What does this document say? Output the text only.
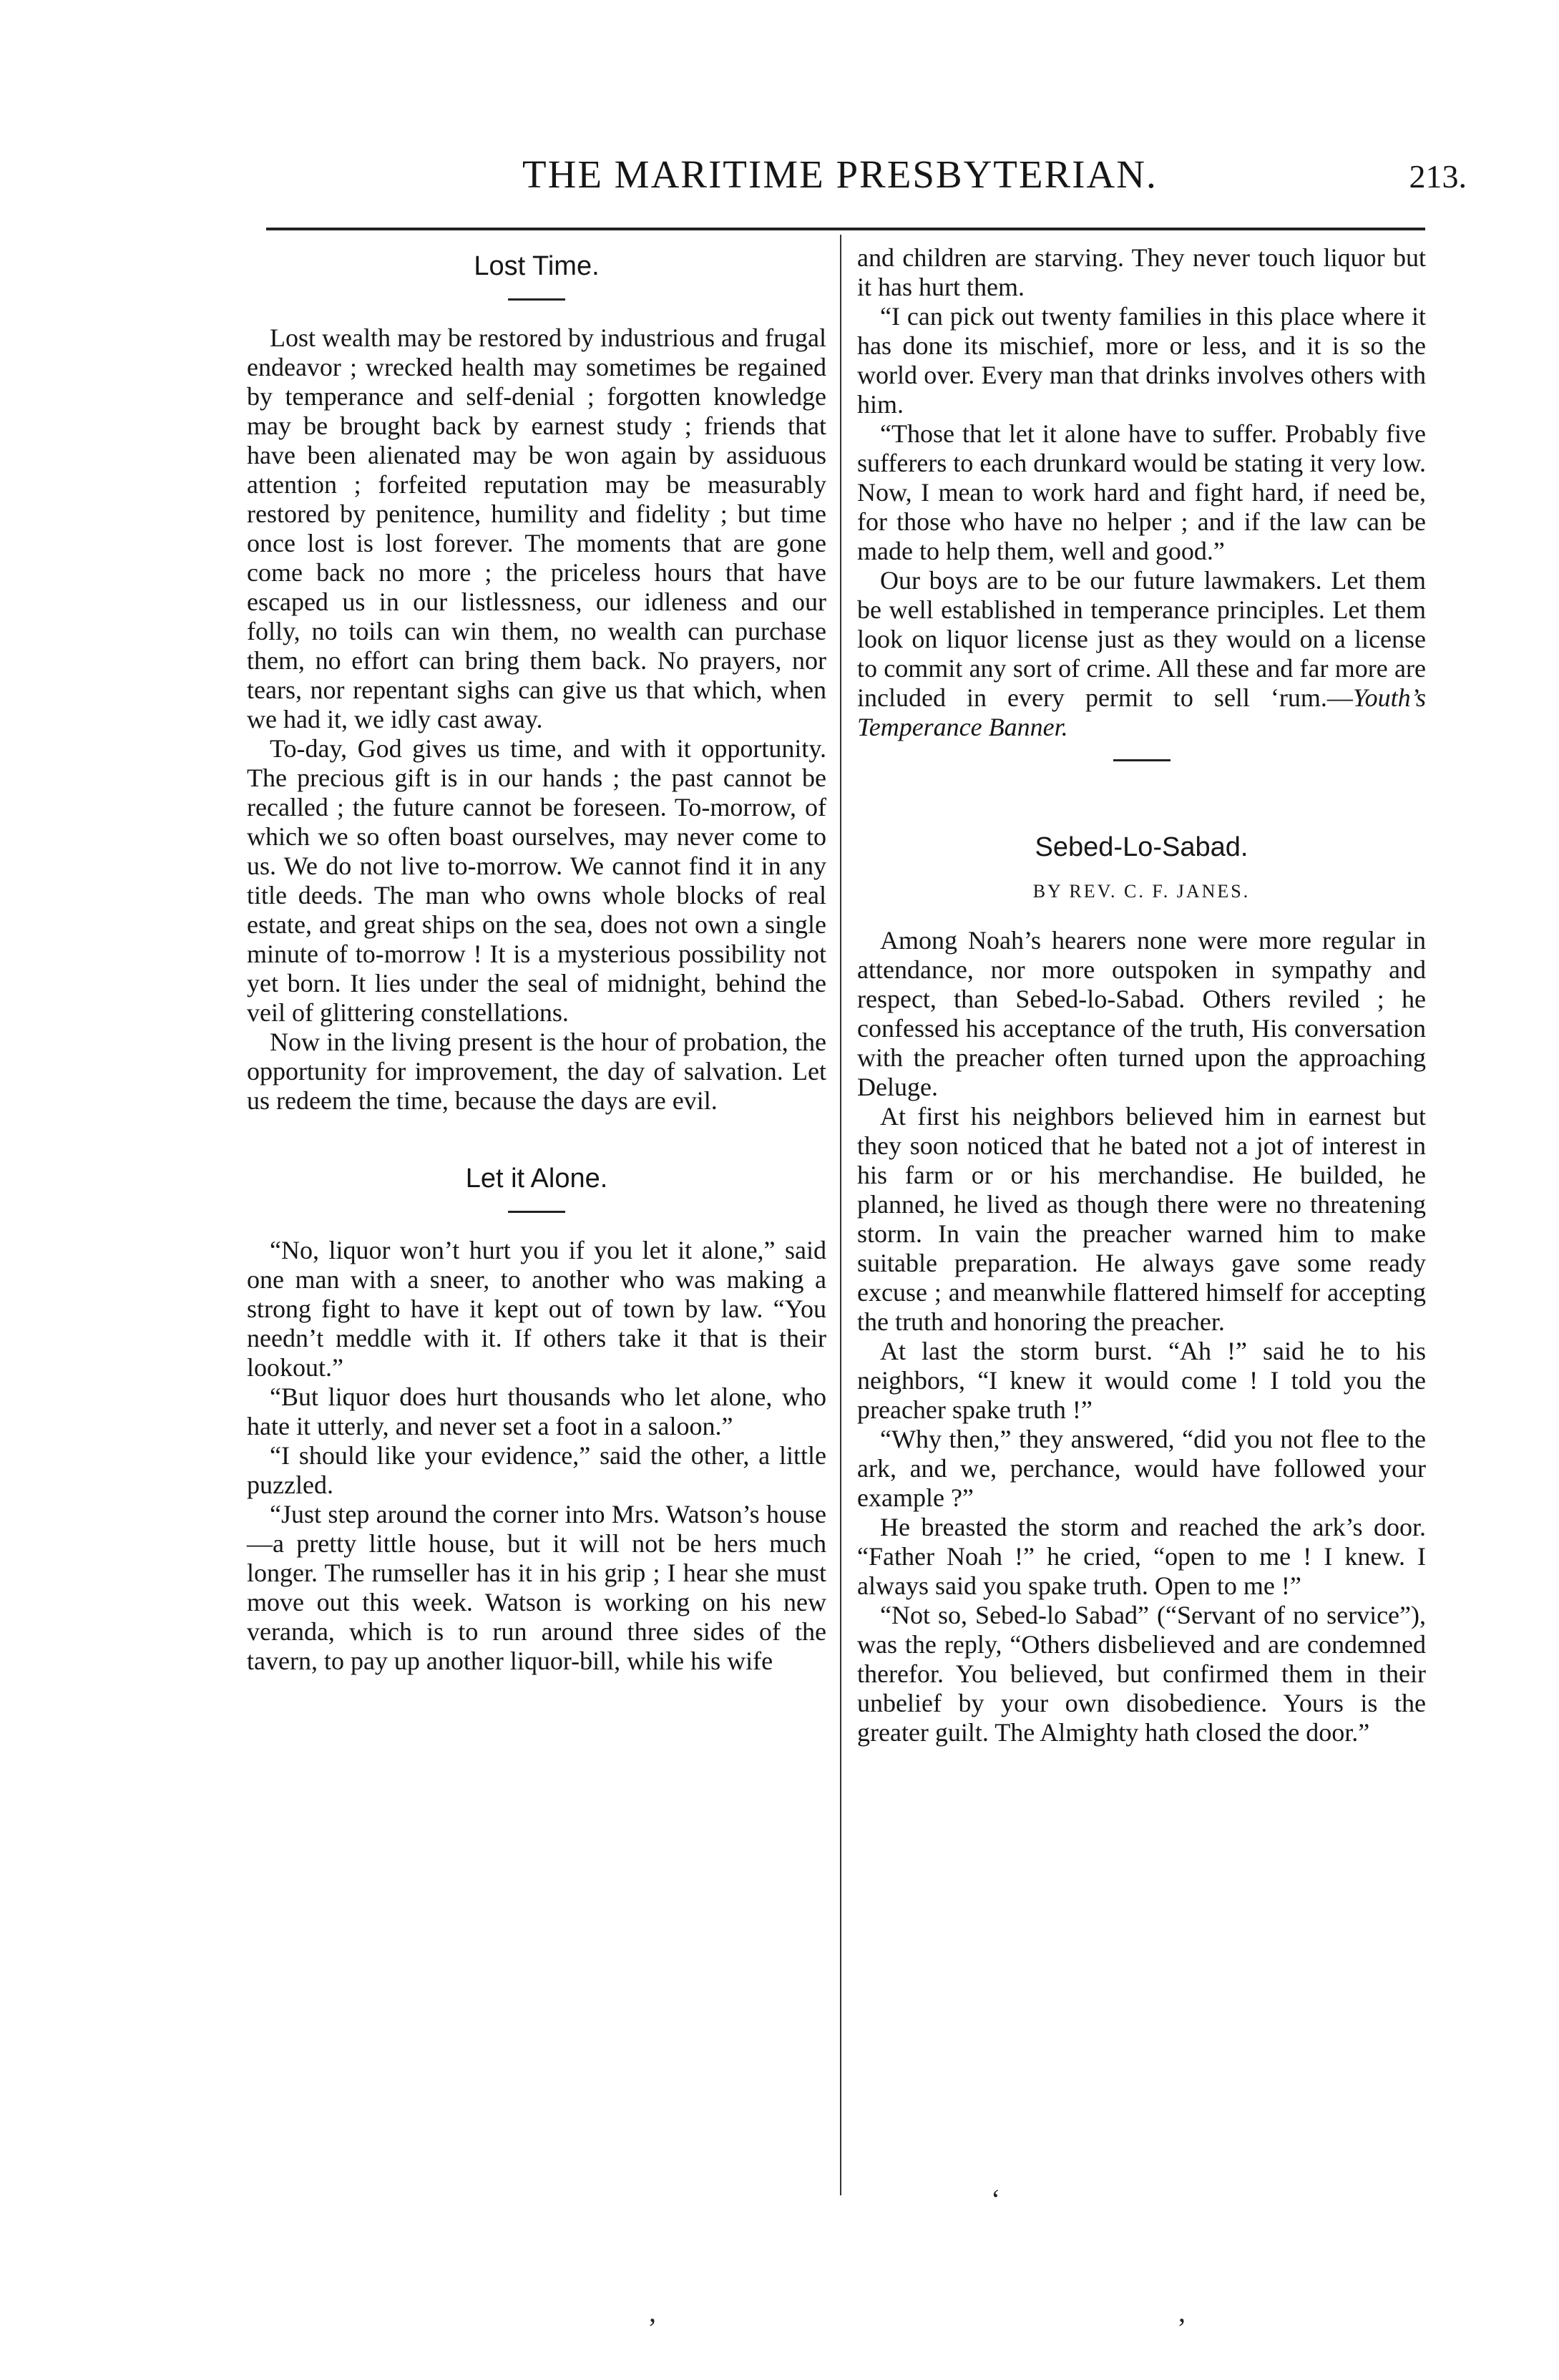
THE MARITIME PRESBYTERIAN.	213.
Lost Time.

Lost wealth may be restored by industrious and frugal endeavor ; wrecked health may sometimes be regained by temperance and self-denial ; forgotten knowledge may be brought back by earnest study ; friends that have been alienated may be won again by assiduous attention ; forfeited reputation may be measurably restored by penitence, humility and fidelity ; but time once lost is lost forever. The moments that are gone come back no more ; the priceless hours that have escaped us in our listlessness, our idleness and our folly, no toils can win them, no wealth can purchase them, no effort can bring them back. No prayers, nor tears, nor repentant sighs can give us that which, when we had it, we idly cast away.

To-day, God gives us time, and with it opportunity. The precious gift is in our hands ; the past cannot be recalled ; the future cannot be foreseen. To-morrow, of which we so often boast ourselves, may never come to us. We do not live to-morrow. We cannot find it in any title deeds. The man who owns whole blocks of real estate, and great ships on the sea, does not own a single minute of to-morrow ! It is a mysterious possibility not yet born. It lies under the seal of midnight, behind the veil of glittering constellations.

Now in the living present is the hour of probation, the opportunity for improvement, the day of salvation. Let us redeem the time, because the days are evil.

Let it Alone.

“No, liquor won’t hurt you if you let it alone,” said one man with a sneer, to another who was making a strong fight to have it kept out of town by law. “You needn’t meddle with it. If others take it that is their lookout.”

“But liquor does hurt thousands who let alone, who hate it utterly, and never set a foot in a saloon.”

“I should like your evidence,” said the other, a little puzzled.

“Just step around the corner into Mrs. Watson’s house—a pretty little house, but it will not be hers much longer. The rumseller has it in his grip ; I hear she must move out this week. Watson is working on his new veranda, which is to run around three sides of the tavern, to pay up another liquor-bill, while his wife

and children are starving. They never touch liquor but it has hurt them.

“I can pick out twenty families in this place where it has done its mischief, more or less, and it is so the world over. Every man that drinks involves others with him.

“Those that let it alone have to suffer. Probably five sufferers to each drunkard would be stating it very low. Now, I mean to work hard and fight hard, if need be, for those who have no helper ; and if the law can be made to help them, well and good.”

Our boys are to be our future lawmakers. Let them be well established in temperance principles. Let them look on liquor license just as they would on a license to commit any sort of crime. All these and far more are included in every permit to sell ‘rum.—Youth’s Temperance Banner.

Sebed-Lo-Sabad.
BY REV. C. F. JANES.

Among Noah’s hearers none were more regular in attendance, nor more outspoken in sympathy and respect, than Sebed-lo-Sabad. Others reviled ; he confessed his acceptance of the truth, His conversation with the preacher often turned upon the approaching Deluge.

At first his neighbors believed him in earnest but they soon noticed that he bated not a jot of interest in his farm or or his merchandise. He builded, he planned, he lived as though there were no threatening storm. In vain the preacher warned him to make suitable preparation. He always gave some ready excuse ; and meanwhile flattered himself for accepting the truth and honoring the preacher.

At last the storm burst. “Ah !” said he to his neighbors, “I knew it would come ! I told you the preacher spake truth !”

“Why then,” they answered, “did you not flee to the ark, and we, perchance, would have followed your example ?”

He breasted the storm and reached the ark’s door. “Father Noah !” he cried, “open to me ! I knew. I always said you spake truth. Open to me !”

“Not so, Sebed-lo Sabad” (“Servant of no service”), was the reply, “Others disbelieved and are condemned therefor. You believed, but confirmed them in their unbelief by your own disobedience. Yours is the greater guilt. The Almighty hath closed the door.”

‘
’	’
